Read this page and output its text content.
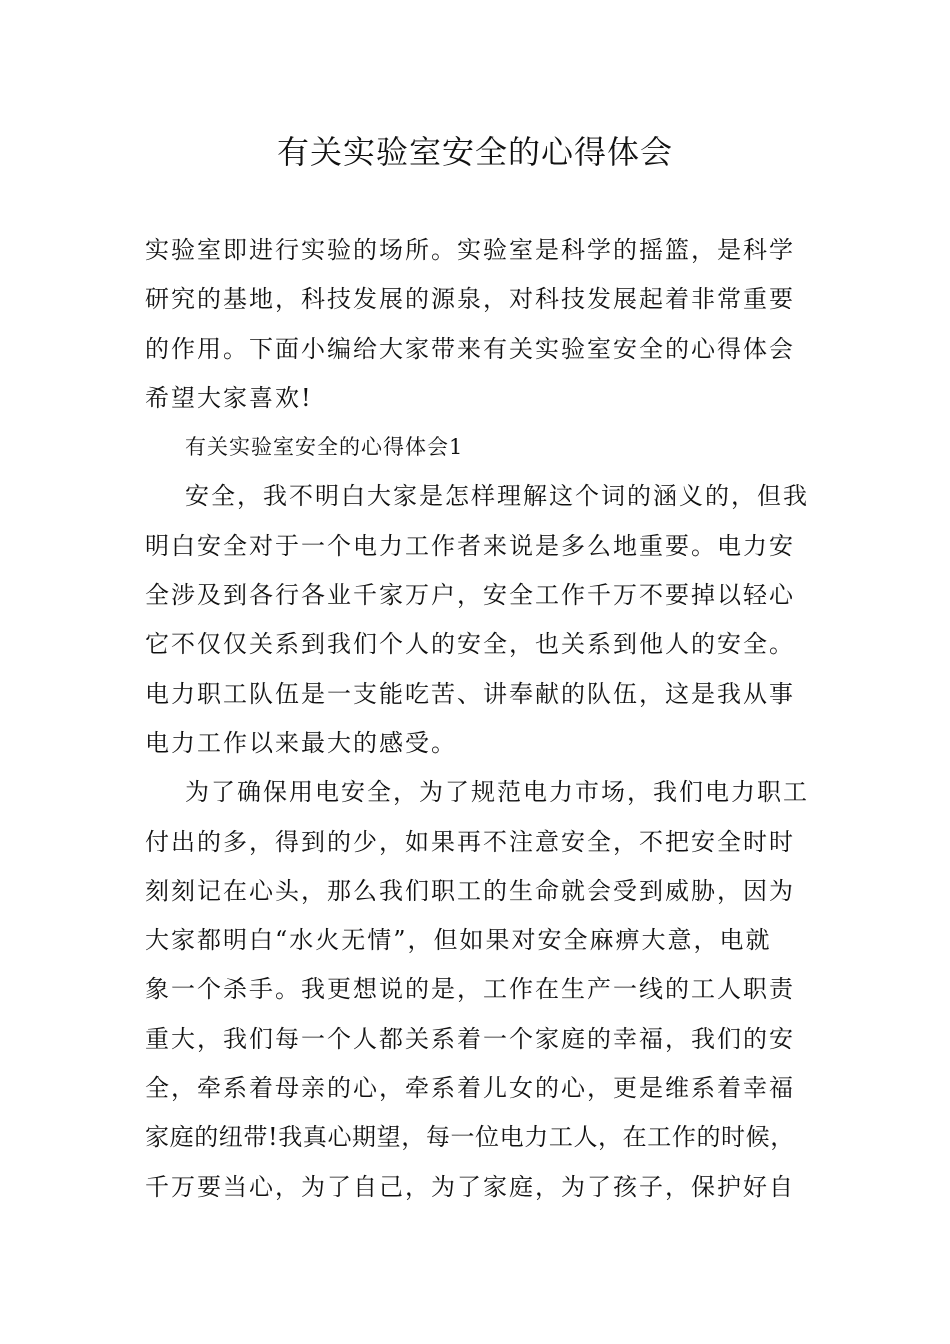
有关实验室安全的心得体会
实验室即进行实验的场所。实验室是科学的摇篮，是科学
研究的基地，科技发展的源泉，对科技发展起着非常重要
的作用。下面小编给大家带来有关实验室安全的心得体会
希望大家喜欢!
有关实验室安全的心得体会1
安全，我不明白大家是怎样理解这个词的涵义的，但我
明白安全对于一个电力工作者来说是多么地重要。电力安
全涉及到各行各业千家万户，安全工作千万不要掉以轻心
它不仅仅关系到我们个人的安全，也关系到他人的安全。
电力职工队伍是一支能吃苦、讲奉献的队伍，这是我从事
电力工作以来最大的感受。
为了确保用电安全，为了规范电力市场，我们电力职工
付出的多，得到的少，如果再不注意安全，不把安全时时
刻刻记在心头，那么我们职工的生命就会受到威胁，因为
大家都明白“水火无情”，但如果对安全麻痹大意，电就
象一个杀手。我更想说的是，工作在生产一线的工人职责
重大，我们每一个人都关系着一个家庭的幸福，我们的安
全，牵系着母亲的心，牵系着儿女的心，更是维系着幸福
家庭的纽带!我真心期望，每一位电力工人，在工作的时候，
千万要当心，为了自己，为了家庭，为了孩子，保护好自
